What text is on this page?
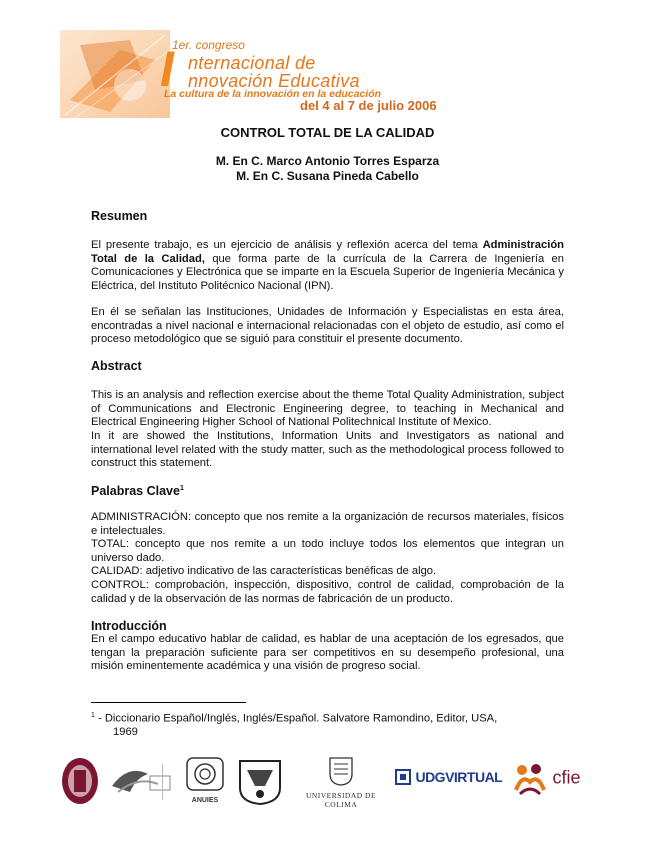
1er. congreso
I nternacional de
nnovación Educativa
La cultura de la innovación en la educación
del 4 al 7 de julio 2006
CONTROL TOTAL DE LA CALIDAD
M. En C. Marco Antonio Torres Esparza
M. En C. Susana Pineda Cabello
Resumen
El presente trabajo, es un ejercicio de análisis y reflexión acerca del tema Administración Total de la Calidad, que forma parte de la currícula de la Carrera de Ingeniería en Comunicaciones y Electrónica que se imparte en la Escuela Superior de Ingeniería Mecánica y Eléctrica, del Instituto Politécnico Nacional (IPN).
En él se señalan las Instituciones, Unidades de Información y Especialistas en esta área, encontradas a nivel nacional e internacional relacionadas con el objeto de estudio, así como el proceso metodológico que se siguió para constituir el presente documento.
Abstract
This is an analysis and reflection exercise about the theme Total Quality Administration, subject of Communications and Electronic Engineering degree, to teaching in Mechanical and Electrical Engineering Higher School of National Politechnical Institute of Mexico.
In it are showed the Institutions, Information Units and Investigators as national and international level related with the study matter, such as the methodological process followed to construct this statement.
Palabras Clave$^1$
ADMINISTRACIÓN: concepto que nos remite a la organización de recursos materiales, físicos e intelectuales.
TOTAL: concepto que nos remite a un todo incluye todos los elementos que integran un universo dado.
CALIDAD: adjetivo indicativo de las características benéficas de algo.
CONTROL: comprobación, inspección, dispositivo, control de calidad, comprobación de la calidad y de la observación de las normas de fabricación de un producto.
Introducción
En el campo educativo hablar de calidad, es hablar de una aceptación de los egresados, que tengan la preparación suficiente para ser competitivos en su desempeño profesional, una misión eminentemente académica y una visión de progreso social.
$^1$ - Diccionario Español/Inglés, Inglés/Español. Salvatore Ramondino, Editor, USA,
1969
ANUIES
UNIVERSIDAD DE COLIMA
UDGVIRTUAL	cfie
